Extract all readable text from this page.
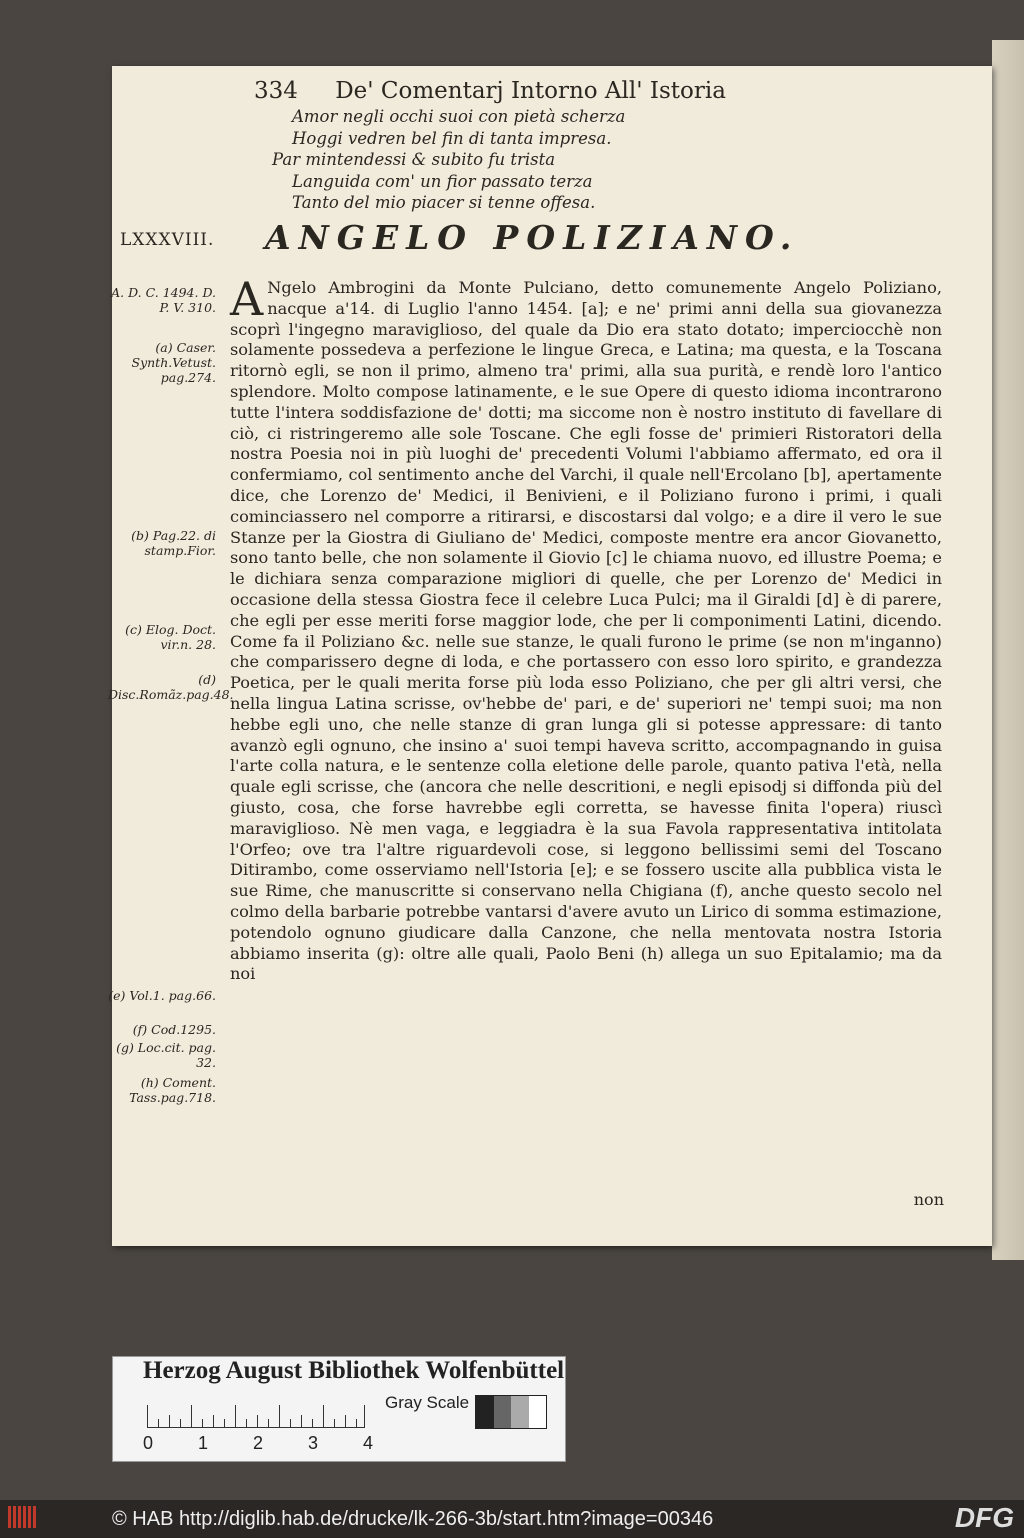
334 De' Comentarj Intorno All' Istoria
Amor negli occhi suoi con pietà scherza
Hoggi vedren bel fin di tanta impresa.
Par mintendessi & subito fu trista
Languida com' un fior passato terza
Tanto del mio piacer si tenne offesa.
LXXXVIII. ANGELO POLIZIANO.
A. D. C. 1494. D. P. V. 310.
(a) Caser. Synth.Vetust. pag.274.
(b) Pag.22. di stamp.Fior.
(c) Elog. Doct. vir.n. 28.
(d) Disc.Romãz.pag.48.
(e) Vol.1. pag.66.
(f) Cod.1295.
(g) Loc.cit. pag. 32.
(h) Coment. Tass.pag.718.
A Ngelo Ambrogini da Monte Pulciano, detto comunemente Angelo Poliziano, nacque a'14. di Luglio l'anno 1454. [a]; e ne' primi anni della sua giovanezza scoprì l'ingegno maraviglioso, del quale da Dio era stato dotato; imperciocchè non solamente possedeva a perfezione le lingue Greca, e Latina; ma questa, e la Toscana ritornò egli, se non il primo, almeno tra' primi, alla sua purità, e rendè loro l'antico splendore. Molto compose latinamente, e le sue Opere di questo idioma incontrarono tutte l'intera soddisfazione de' dotti; ma siccome non è nostro instituto di favellare di ciò, ci ristringeremo alle sole Toscane. Che egli fosse de' primieri Ristoratori della nostra Poesia noi in più luoghi de' precedenti Volumi l'abbiamo affermato, ed ora il confermiamo, col sentimento anche del Varchi, il quale nell'Ercolano [b], apertamente dice, che Lorenzo de' Medici, il Benivieni, e il Poliziano furono i primi, i quali cominciassero nel comporre a ritirarsi, e discostarsi dal volgo; e a dire il vero le sue Stanze per la Giostra di Giuliano de' Medici, composte mentre era ancor Giovanetto, sono tanto belle, che non solamente il Giovio [c] le chiama nuovo, ed illustre Poema; e le dichiara senza comparazione migliori di quelle, che per Lorenzo de' Medici in occasione della stessa Giostra fece il celebre Luca Pulci; ma il Giraldi [d] è di parere, che egli per esse meriti forse maggior lode, che per li componimenti Latini, dicendo. Come fa il Poliziano &c. nelle sue stanze, le quali furono le prime (se non m'inganno) che comparissero degne di loda, e che portassero con esso loro spirito, e grandezza Poetica, per le quali merita forse più loda esso Poliziano, che per gli altri versi, che nella lingua Latina scrisse, ov'hebbe de' pari, e de' superiori ne' tempi suoi; ma non hebbe egli uno, che nelle stanze di gran lunga gli si potesse appressare: di tanto avanzò egli ognuno, che insino a' suoi tempi haveva scritto, accompagnando in guisa l'arte colla natura, e le sentenze colla eletione delle parole, quanto pativa l'età, nella quale egli scrisse, che (ancora che nelle descritioni, e negli episodj si diffonda più del giusto, cosa, che forse havrebbe egli corretta, se havesse finita l'opera) riuscì maraviglioso. Nè men vaga, e leggiadra è la sua Favola rappresentativa intitolata l'Orfeo; ove tra l'altre riguardevoli cose, si leggono bellissimi semi del Toscano Ditirambo, come osserviamo nell'Istoria [e]; e se fossero uscite alla pubblica vista le sue Rime, che manuscritte si conservano nella Chigiana (f), anche questo secolo nel colmo della barbarie potrebbe vantarsi d'avere avuto un Lirico di somma estimazione, potendolo ognuno giudicare dalla Canzone, che nella mentovata nostra Istoria abbiamo inserita (g): oltre alle quali, Paolo Beni (h) allega un suo Epitalamio; ma da noi
non
Herzog August Bibliothek Wolfenbüttel
0 1 2 3 4
Gray Scale
© HAB http://diglib.hab.de/drucke/lk-266-3b/start.htm?image=00346	DFG
